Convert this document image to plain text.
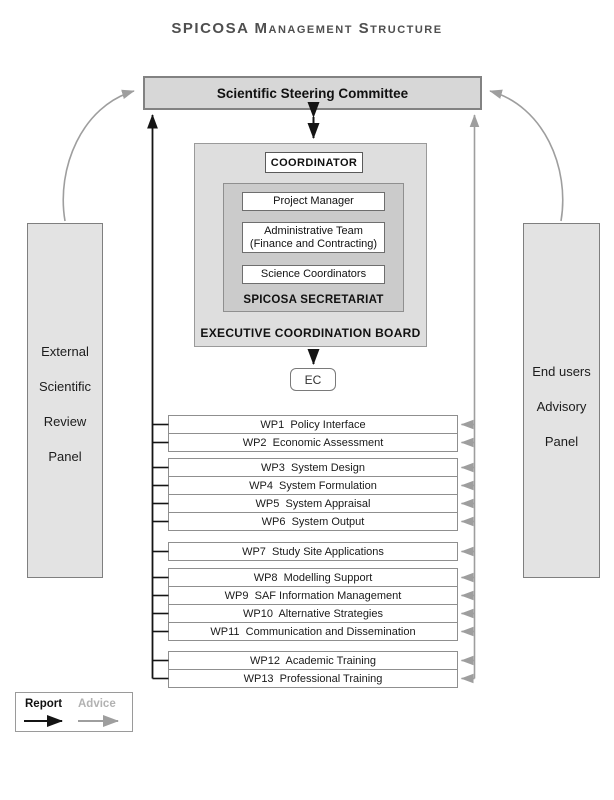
SPICOSA Management Structure
Scientific Steering Committee
COORDINATOR
Project Manager
Administrative Team
(Finance and Contracting)
Science Coordinators
SPICOSA SECRETARIAT
EXECUTIVE COORDINATION BOARD
EC

External

Scientific

Review

Panel

End users

Advisory

Panel

WP1  Policy Interface
WP2  Economic Assessment
WP3  System Design
WP4  System Formulation
WP5  System Appraisal
WP6  System Output
WP7  Study Site Applications
WP8  Modelling Support
WP9  SAF Information Management
WP10  Alternative Strategies
WP11  Communication and Dissemination
WP12  Academic Training
WP13  Professional Training
Report Advice
